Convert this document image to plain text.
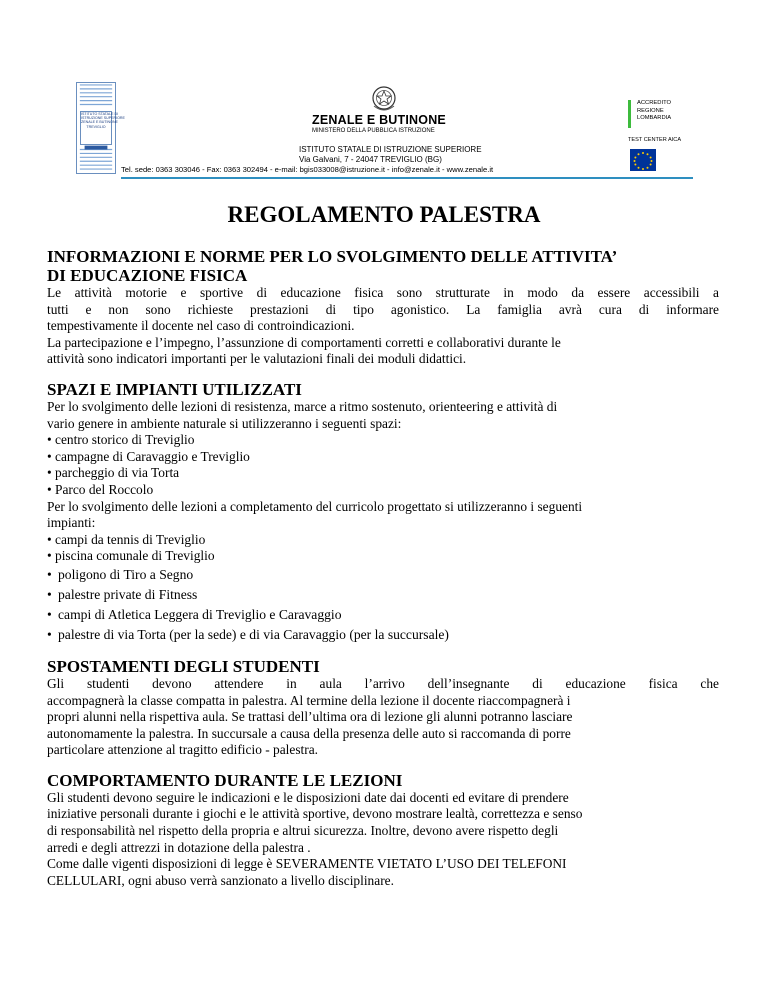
ISTITUTO STATALE DI
ISTRUZIONE SUPERIORE
ZENALE E BUTINONE
TREVIGLIO	ZENALE E BUTINONE
MINISTERO DELLA PUBBLICA ISTRUZIONE
ISTITUTO STATALE DI ISTRUZIONE SUPERIORE
Via Galvani, 7 - 24047 TREVIGLIO (BG)
Tel. sede: 0363 303046 - Fax: 0363 302494 - e-mail: bgis033008@istruzione.it - info@zenale.it - www.zenale.it
ACCREDITO
REGIONE
LOMBARDIA
TEST CENTER AICA
REGOLAMENTO PALESTRA
INFORMAZIONI E NORME PER LO SVOLGIMENTO DELLE ATTIVITA’
DI EDUCAZIONE FISICA
Le attività motorie e sportive di educazione fisica sono strutturate in modo da essere accessibili a
tutti e non sono richieste prestazioni di tipo agonistico. La famiglia avrà cura di informare
tempestivamente il docente nel caso di controindicazioni.
La partecipazione e l’impegno, l’assunzione di comportamenti corretti e collaborativi durante le
attività sono indicatori importanti per le valutazioni finali dei moduli didattici.
SPAZI E IMPIANTI UTILIZZATI
Per lo svolgimento delle lezioni di resistenza, marce a ritmo sostenuto, orienteering e attività di
vario genere in ambiente naturale si utilizzeranno i seguenti spazi:
• centro storico di Treviglio
• campagne di Caravaggio e Treviglio
• parcheggio di via Torta
• Parco del Roccolo
Per lo svolgimento delle lezioni a completamento del curricolo progettato si utilizzeranno i seguenti
impianti:
• campi da tennis di Treviglio
• piscina comunale di Treviglio
• poligono di Tiro a Segno
• palestre private di Fitness
• campi di Atletica Leggera di Treviglio e Caravaggio
• palestre di via Torta (per la sede) e di via Caravaggio (per la succursale)
SPOSTAMENTI DEGLI STUDENTI
Gli studenti devono attendere in aula l’arrivo dell’insegnante di educazione fisica che
accompagnerà la classe compatta in palestra. Al termine della lezione il docente riaccompagnerà i
propri alunni nella rispettiva aula. Se trattasi dell’ultima ora di lezione gli alunni potranno lasciare
autonomamente la palestra. In succursale a causa della presenza delle auto si raccomanda di porre
particolare attenzione al tragitto edificio - palestra.
COMPORTAMENTO DURANTE LE LEZIONI
Gli studenti devono seguire le indicazioni e le disposizioni date dai docenti ed evitare di prendere
iniziative personali durante i giochi e le attività sportive, devono mostrare lealtà, correttezza e senso
di responsabilità nel rispetto della propria e altrui sicurezza. Inoltre, devono avere rispetto degli
arredi e degli attrezzi in dotazione della palestra .
Come dalle vigenti disposizioni di legge è SEVERAMENTE VIETATO L’USO DEI TELEFONI
CELLULARI, ogni abuso verrà sanzionato a livello disciplinare.
